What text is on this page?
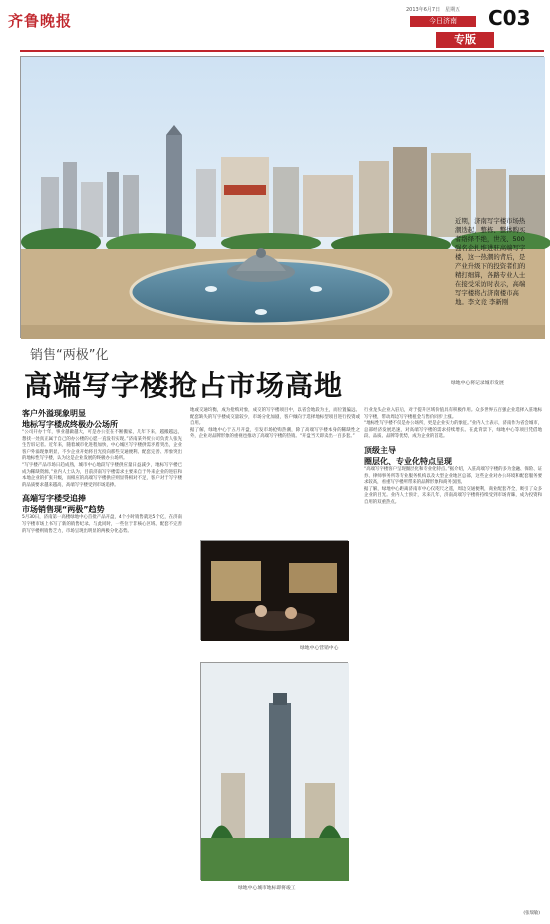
齐鲁晚报
2013年6月7日　星期五
今日济南	C03
专版
近期，济南写字楼市场热潮迭起，整栋、整体购买者络绎不绝，世茂、500强名企扎堆进驻高端写字楼，这一热潮的背后，是产业升级下的投资者们的精打细算，各路专业人士在接受采访时表示，高端写字楼将占济南楼市高地。李文竞 李新刚
绿地中心将记录城市发展
销售“两极”化
高端写字楼抢占市场高地
客户外溢现象明显
地标写字楼成终极办公场所

“公司开办十年，事业越做越大，可是办公室在不断搬家，几年下来，越搬越远，想找一处真正属于自己的办公楼的心愿一直没有实现。”济南某外贸公司负责人张先生告诉记者。近年来，随着城市化进程加快，中心城区写字楼供需矛盾突出，企业客户外溢现象明显，不少企业开始将目光投向那些交通便利、配套完善、形象突出的地标性写字楼，认为这是企业发展的终极办公场所。

“写字楼产品市场日趋成熟，城市中心地段写字楼供应量日益减少，地标写字楼已成为稀缺资源。”业内人士认为，目前济南写字楼需求主要来自于外来企业的进驻和本地企业的扩张升级，而相应的高端写字楼供应则显得相对不足，客户对于写字楼的品质要求越来越高，高端写字楼受到市场追捧。

高端写字楼受追捧
市场销售现“两极”趋势

5月30日，济南第一高楼绿地中心首批产品开盘，4个小时销售就达5个亿，在济南写字楼市场上书写了新的销售纪录。与此同时，一些位于非核心区域、配套不完善的写字楼则销售乏力，市场呈现出明显的两极分化态势。

地或交通均衡，成为抢购对象，成交的写字楼项目中，以省会地段为主，而位置偏远、配套缺失的写字楼成交量较少，市场分化加剧，客户倾向于选择地标型项目进行投资或自用。

据了解，绿地中心于五月开盘，引发市场抢购热潮，除了高端写字楼本身的稀缺性之外，企业对品牌形象的重视也推动了高端写字楼的热销。“开盘当天即卖出一百多套。”

绿地中心营销中心
绿地中心城市地标即将竣工

行业龙头企业入驻后，对于提升区域价值具有积极作用。众多世界五百强企业选择入驻地标写字楼，带动周边写字楼租金与售价同步上涨。

“地标性写字楼不仅是办公场所，更是企业实力的象征。”业内人士表示，济南作为省会城市，总部经济发展迅速，对高端写字楼的需求持续增长。在此背景下，绿地中心等项目凭借地段、品质、品牌等优势，成为企业的首选。

顶级主导
圈层化、专业化特点呈现

“高端写字楼客户呈现圈层化和专业化特点。”据介绍，入驻高端写字楼的多为金融、保险、证券、律师事务所等专业服务机构以及大型企业地区总部，这些企业对办公环境和配套服务要求较高，看重写字楼所带来的品牌形象和商务氛围。

据了解，绿地中心距离济南市中心仅咫尺之遥，周边交通便利，商业配套齐全，吸引了众多企业的目光。业内人士预计，未来几年，济南高端写字楼将持续受到市场青睐，成为投资和自用的双重热点。

(张瑞敏)
